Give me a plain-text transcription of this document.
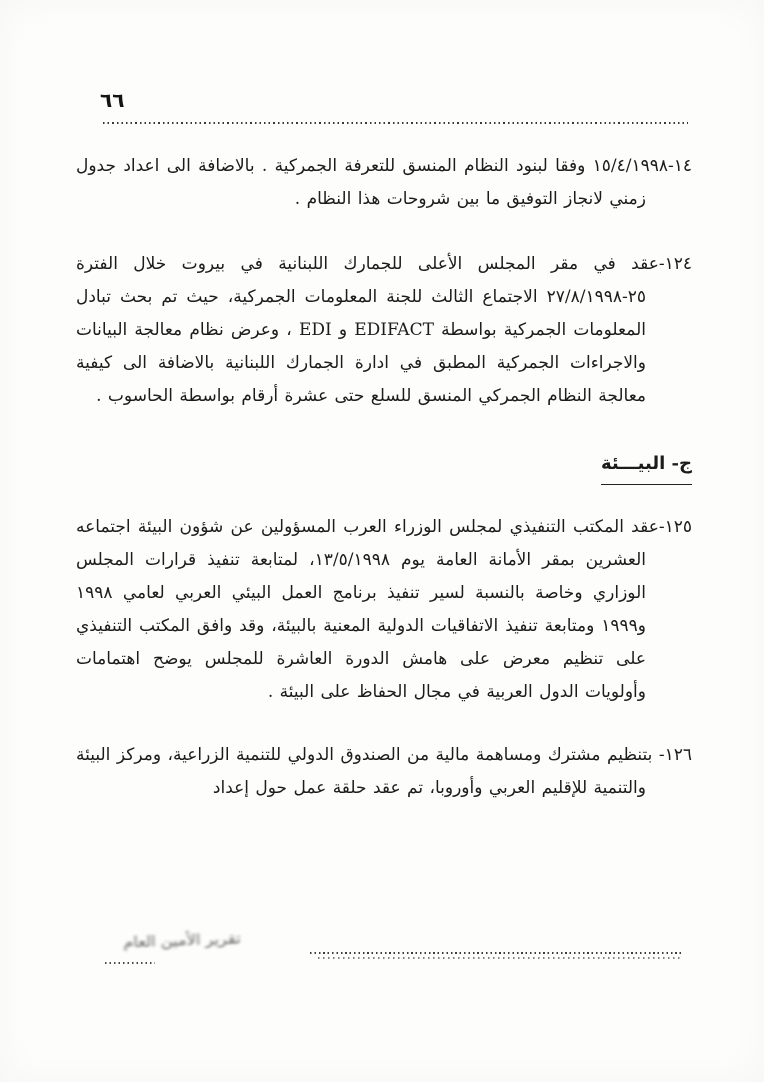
٦٦

١٤-١٥/٤/١٩٩٨ وفقا لبنود النظام المنسق للتعرفة الجمركية . بالاضافة الى اعداد جدول زمني لانجاز التوفيق ما بين شروحات هذا النظام .

١٢٤-عقد في مقر المجلس الأعلى للجمارك اللبنانية في بيروت خلال الفترة ٢٥-٢٧/٨/١٩٩٨ الاجتماع الثالث للجنة المعلومات الجمركية، حيث تم بحث تبادل المعلومات الجمركية بواسطة EDIFACT و EDI ، وعرض نظام معالجة البيانات والاجراءات الجمركية المطبق في ادارة الجمارك اللبنانية بالاضافة الى كيفية معالجة النظام الجمركي المنسق للسلع حتى عشرة أرقام بواسطة الحاسوب .

ج- البيـــئة

١٢٥-عقد المكتب التنفيذي لمجلس الوزراء العرب المسؤولين عن شؤون البيئة اجتماعه العشرين بمقر الأمانة العامة يوم ١٣/٥/١٩٩٨، لمتابعة تنفيذ قرارات المجلس الوزاري وخاصة بالنسبة لسير تنفيذ برنامج العمل البيئي العربي لعامي ١٩٩٨ و١٩٩٩ ومتابعة تنفيذ الاتفاقيات الدولية المعنية بالبيئة، وقد وافق المكتب التنفيذي على تنظيم معرض على هامش الدورة العاشرة للمجلس يوضح اهتمامات وأولويات الدول العربية في مجال الحفاظ على البيئة .

١٢٦- بتنظيم مشترك ومساهمة مالية من الصندوق الدولي للتنمية الزراعية، ومركز البيئة والتنمية للإقليم العربي وأوروبا، تم عقد حلقة عمل حول إعداد

تقرير الأمين العام
